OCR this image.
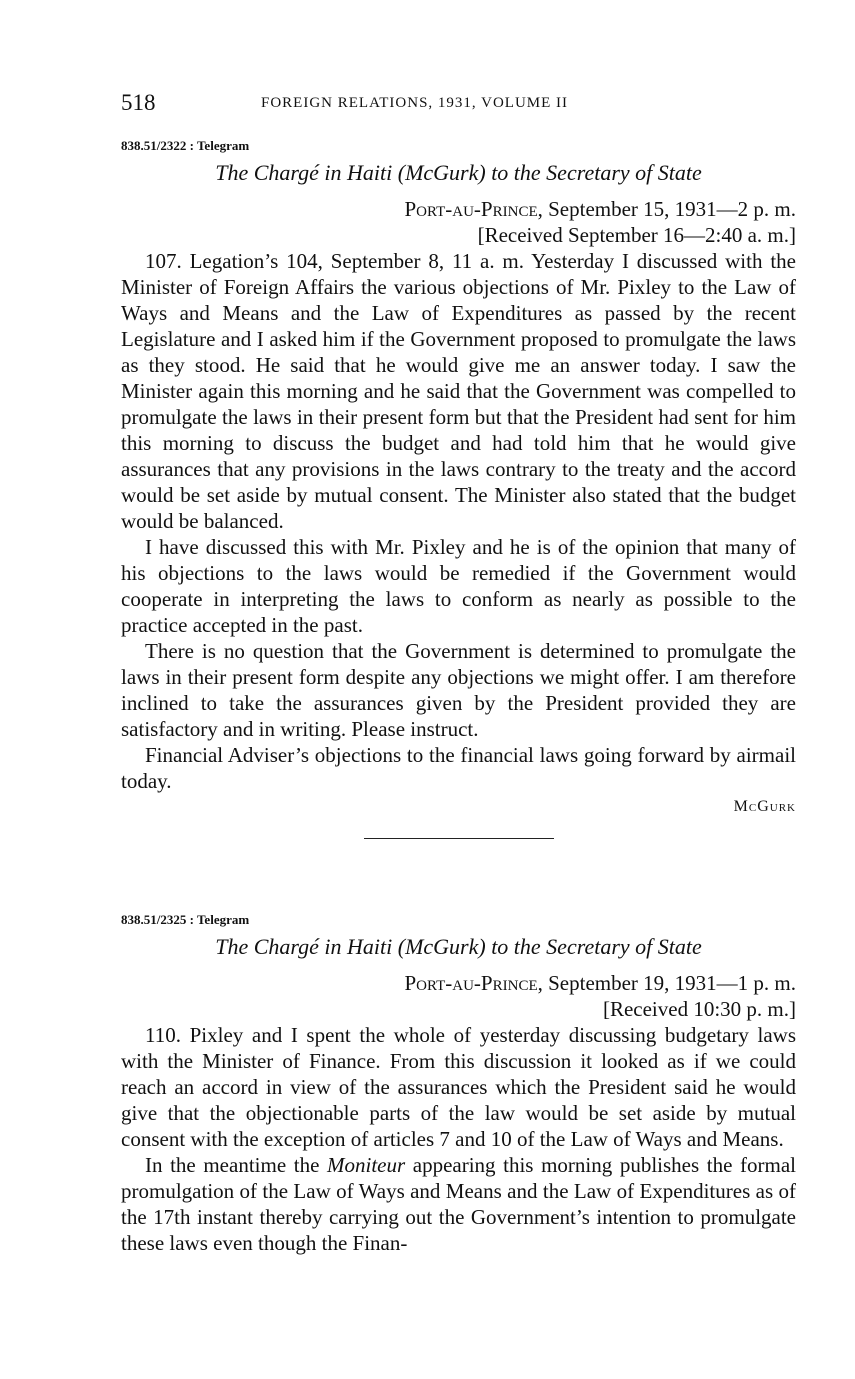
518	FOREIGN RELATIONS, 1931, VOLUME II

838.51/2322 : Telegram

The Chargé in Haiti (McGurk) to the Secretary of State

Port-au-Prince, September 15, 1931—2 p. m.

[Received September 16—2:40 a. m.]

107. Legation’s 104, September 8, 11 a. m. Yesterday I discussed with the Minister of Foreign Affairs the various objections of Mr. Pixley to the Law of Ways and Means and the Law of Expenditures as passed by the recent Legislature and I asked him if the Government proposed to promulgate the laws as they stood. He said that he would give me an answer today. I saw the Minister again this morning and he said that the Government was compelled to promulgate the laws in their present form but that the President had sent for him this morning to discuss the budget and had told him that he would give assurances that any provisions in the laws contrary to the treaty and the accord would be set aside by mutual consent. The Minister also stated that the budget would be balanced.

I have discussed this with Mr. Pixley and he is of the opinion that many of his objections to the laws would be remedied if the Government would cooperate in interpreting the laws to conform as nearly as possible to the practice accepted in the past.

There is no question that the Government is determined to promulgate the laws in their present form despite any objections we might offer. I am therefore inclined to take the assurances given by the President provided they are satisfactory and in writing. Please instruct.

Financial Adviser’s objections to the financial laws going forward by airmail today.

McGurk

838.51/2325 : Telegram

The Chargé in Haiti (McGurk) to the Secretary of State

Port-au-Prince, September 19, 1931—1 p. m.

[Received 10:30 p. m.]

110. Pixley and I spent the whole of yesterday discussing budgetary laws with the Minister of Finance. From this discussion it looked as if we could reach an accord in view of the assurances which the President said he would give that the objectionable parts of the law would be set aside by mutual consent with the exception of articles 7 and 10 of the Law of Ways and Means.

In the meantime the Moniteur appearing this morning publishes the formal promulgation of the Law of Ways and Means and the Law of Expenditures as of the 17th instant thereby carrying out the Government’s intention to promulgate these laws even though the Finan-
